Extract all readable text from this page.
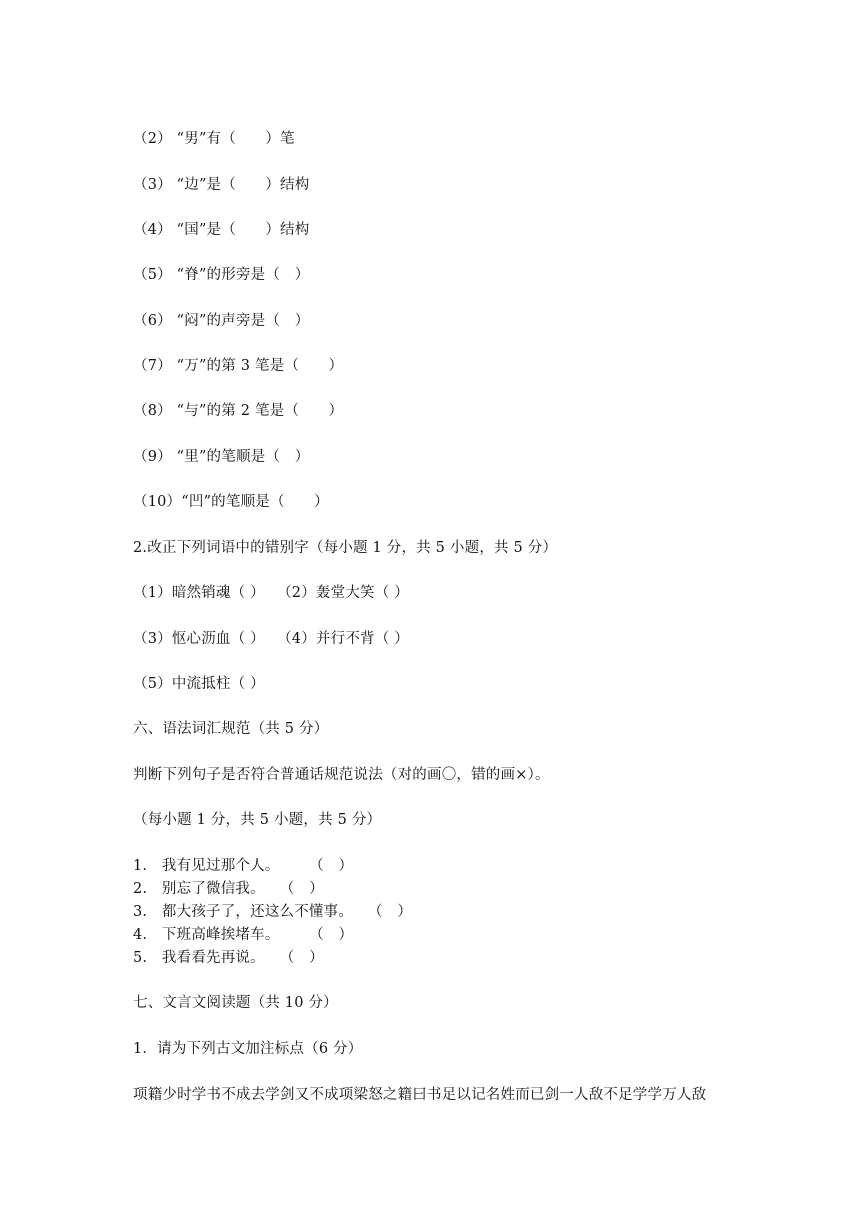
（2） “男”有（　　）笔
（3） “边”是（　　）结构
（4） “国”是（　　）结构
（5） “脊”的形旁是（　）
（6） “闷”的声旁是（　）
（7） “万”的第 3 笔是（　　）
（8） “与”的第 2 笔是（　　）
（9） “里”的笔顺是（　）
（10）“凹”的笔顺是（　　）
2.改正下列词语中的错别字（每小题 1 分，共 5 小题，共 5 分）
（1）暗然销魂（ ）　 （2）轰堂大笑（ ）
（3）怄心沥血（ ）　 （4）并行不背（ ）
（5）中流抵柱（ ）
六、语法词汇规范（共 5 分）
判断下列句子是否符合普通话规范说法（对的画〇，错的画×）。
（每小题 1 分，共 5 小题，共 5 分）
1.　我有见过那个人。　　　（　）
2.　别忘了微信我。　　（　）
3.　都大孩子了，还这么不懂事。　　（　）
4.　下班高峰挨堵车。　　　（　）
5.　我看看先再说。　　（　）
七、文言文阅读题（共 10 分）
1．请为下列古文加注标点（6 分）
项籍少时学书不成去学剑又不成项梁怒之籍曰书足以记名姓而已剑一人敌不足学学万人敌
